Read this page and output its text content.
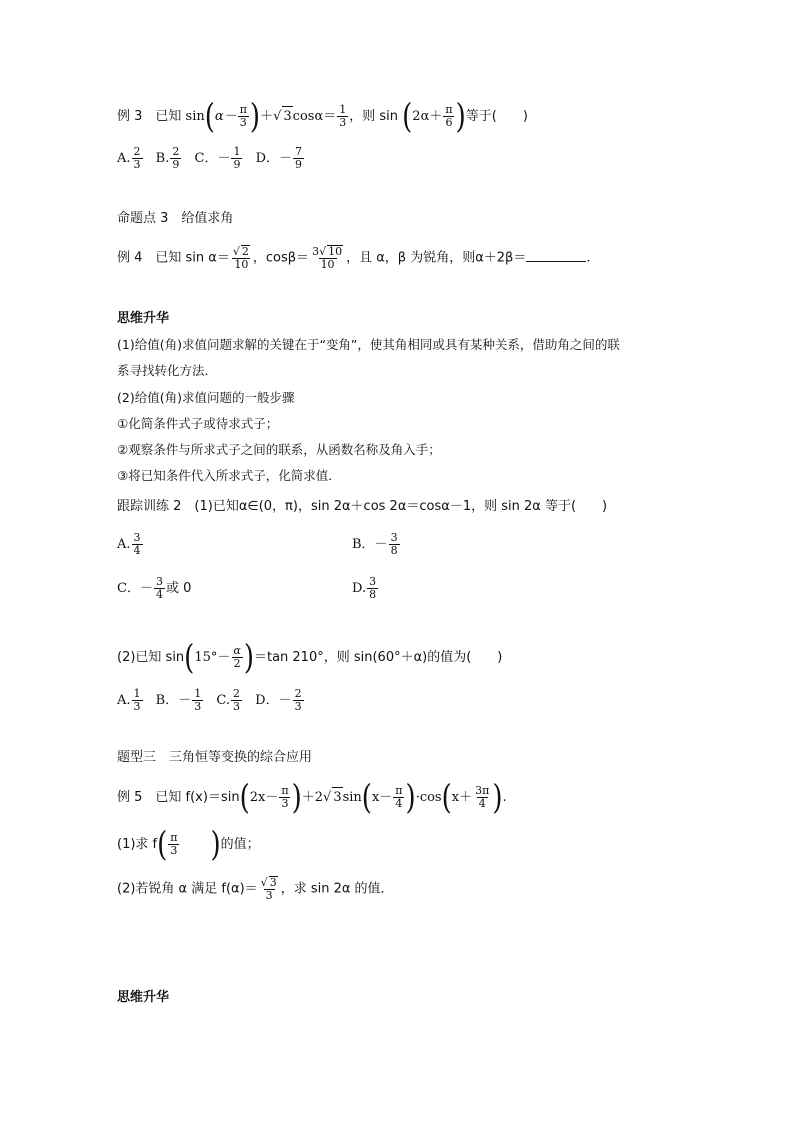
例 3　已知 $\sin(\alpha- \frac{\pi}{3}$ )＋√ $3\cos\alpha= \frac{1}{3}$ ，则 $\sin (2\alpha+ \frac{\pi}{6}$ )等于(　　)
A. $\frac{2}{3}$
B. $\frac{2}{9}$
C．－ $\frac{1}{9}$
D．－ $\frac{7}{9}$
命题点 3　给值求角
例 4　已知 $\sin \alpha= \frac{√ 2}{10}$ ，$\cos\beta= \frac{3√ 10}{10}$ ，且 α，β 为锐角，则α＋2β＝	.
思维升华
(1)给值(角)求值问题求解的关键在于“变角”，使其角相同或具有某种关系，借助角之间的联
系寻找转化方法．
(2)给值(角)求值问题的一般步骤
①化简条件式子或待求式子；
②观察条件与所求式子之间的联系，从函数名称及角入手；
③将已知条件代入所求式子，化简求值．
跟踪训练 2　(1)已知α∈(0，π)，sin 2α＋cos 2α＝cosα－1，则 sin 2α 等于(　　)
A. $\frac{3}{4}$	B．－ $\frac{3}{8}$
C．－ $\frac{3}{4}$ 或 0	D. $\frac{3}{8}$
(2)已知 $\sin(15^\circ- \frac{\alpha}{2} )=\tan$ 210°，则 sin(60°＋α)的值为(　　)
A. $\frac{1}{3}$
B．－ $\frac{1}{3}$
C. $\frac{2}{3}$
D．－ $\frac{2}{3}$
题型三　三角恒等变换的综合应用
例 5　已知 $f(x)=\sin(2x- \frac{\pi}{3} )+2√$ $3\sin(x- \frac{\pi}{4} )\cdot\cos(x+ \frac{3\pi}{4}$ ).
(1)求 $f( \frac{\pi}{3}$ )的值；
(2)若锐角 α 满足 $f(\alpha)= \frac{√ 3}{3}$ ，求 sin 2α 的值．
思维升华
